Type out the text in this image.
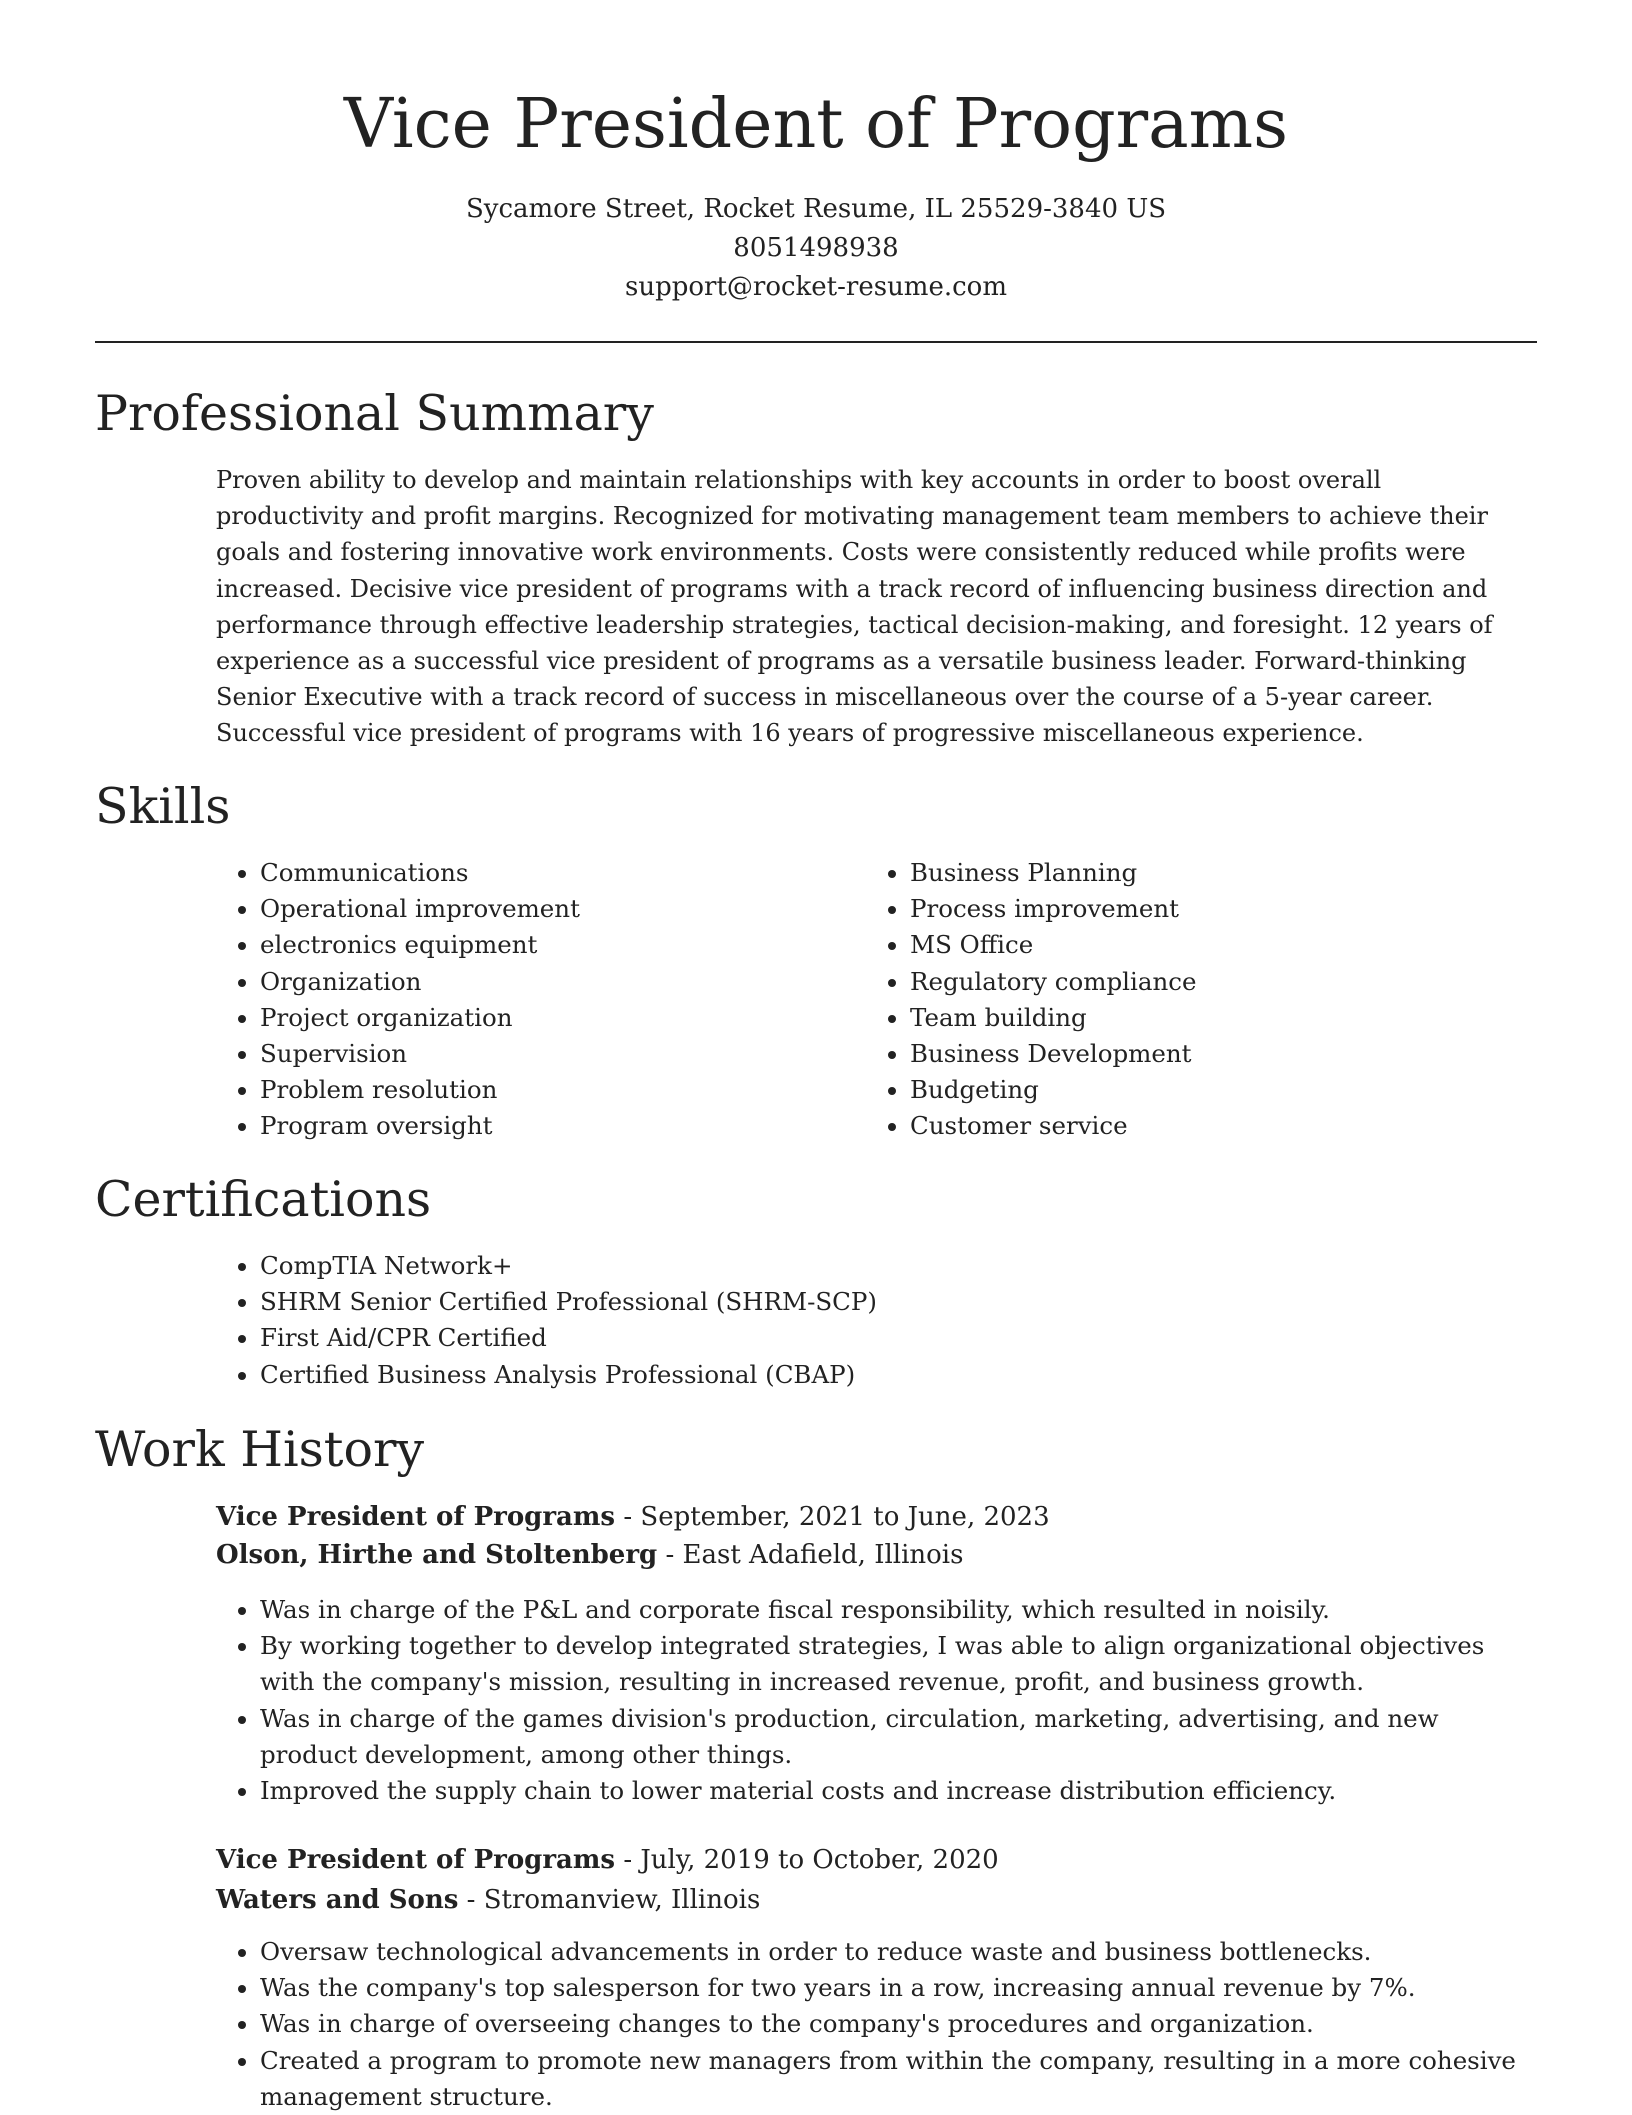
Vice President of Programs
Sycamore Street, Rocket Resume, IL 25529-3840 US
8051498938
support@rocket-resume.com
Professional Summary

Proven ability to develop and maintain relationships with key accounts in order to boost overall productivity and profit margins. Recognized for motivating management team members to achieve their goals and fostering innovative work environments. Costs were consistently reduced while profits were increased. Decisive vice president of programs with a track record of influencing business direction and performance through effective leadership strategies, tactical decision-making, and foresight. 12 years of experience as a successful vice president of programs as a versatile business leader. Forward-thinking Senior Executive with a track record of success in miscellaneous over the course of a 5-year career. Successful vice president of programs with 16 years of progressive miscellaneous experience.

Skills
• Communications
• Operational improvement
• electronics equipment
• Organization
• Project organization
• Supervision
• Problem resolution
• Program oversight
• Business Planning
• Process improvement
• MS Office
• Regulatory compliance
• Team building
• Business Development
• Budgeting
• Customer service
Certifications
• CompTIA Network+
• SHRM Senior Certified Professional (SHRM-SCP)
• First Aid/CPR Certified
• Certified Business Analysis Professional (CBAP)
Work History
Vice President of Programs - September, 2021 to June, 2023
Olson, Hirthe and Stoltenberg - East Adafield, Illinois
• Was in charge of the P&L and corporate fiscal responsibility, which resulted in noisily.
• By working together to develop integrated strategies, I was able to align organizational objectives with the company's mission, resulting in increased revenue, profit, and business growth.
• Was in charge of the games division's production, circulation, marketing, advertising, and new product development, among other things.
• Improved the supply chain to lower material costs and increase distribution efficiency.
Vice President of Programs - July, 2019 to October, 2020
Waters and Sons - Stromanview, Illinois
• Oversaw technological advancements in order to reduce waste and business bottlenecks.
• Was the company's top salesperson for two years in a row, increasing annual revenue by 7%.
• Was in charge of overseeing changes to the company's procedures and organization.
• Created a program to promote new managers from within the company, resulting in a more cohesive management structure.
